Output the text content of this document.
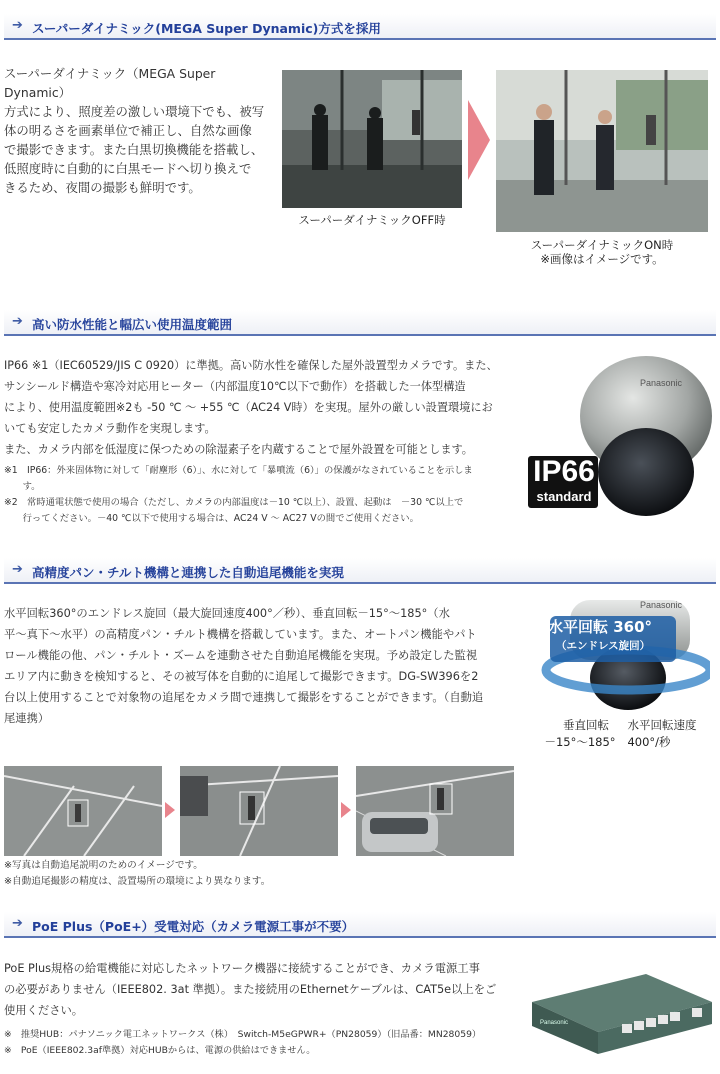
➔ スーパーダイナミック(MEGA Super Dynamic)方式を採用
スーパーダイナミック（MEGA Super Dynamic）
方式により、照度差の激しい環境下でも、被写
体の明るさを画素単位で補正し、自然な画像
で撮影できます。また白黒切換機能を搭載し、
低照度時に自動的に白黒モードへ切り換えで
きるため、夜間の撮影も鮮明です。
スーパーダイナミックOFF時
スーパーダイナミックON時
※画像はイメージです。
➔ 高い防水性能と幅広い使用温度範囲
IP66 ※1（IEC60529/JIS C 0920）に準拠。高い防水性を確保した屋外設置型カメラです。また、
サンシールド構造や寒冷対応用ヒーター（内部温度10℃以下で動作）を搭載した一体型構造
により、使用温度範囲※2も -50 ℃ ～ +55 ℃（AC24 V時）を実現。屋外の厳しい設置環境にお
いても安定したカメラ動作を実現します。
また、カメラ内部を低湿度に保つための除湿素子を内蔵することで屋外設置を可能とします。
※1　IP66：外来固体物に対して「耐塵形（6）」、水に対して「暴噴流（6）」の保護がなされていることを示しま
　　す。
※2　常時通電状態で使用の場合（ただし、カメラの内部温度は－10 ℃以上）、設置、起動は　－30 ℃以上で
　　行ってください。－40 ℃以下で使用する場合は、AC24 V ～ AC27 Vの間でご使用ください。
Panasonic
IP66
standard
➔ 高精度パン・チルト機構と連携した自動追尾機能を実現
水平回転360°のエンドレス旋回（最大旋回速度400°／秒）、垂直回転－15°～185°（水
平～真下～水平）の高精度パン・チルト機構を搭載しています。また、オートパン機能やパト
ロール機能の他、パン・チルト・ズームを連動させた自動追尾機能を実現。予め設定した監視
エリア内に動きを検知すると、その被写体を自動的に追尾して撮影できます。DG-SW396を2
台以上使用することで対象物の追尾をカメラ間で連携して撮影をすることができます。（自動追
尾連携）
水平回転 360°
（エンドレス旋回）
Panasonic
垂直回転
－15°～185°
水平回転速度
400°/秒
※写真は自動追尾説明のためのイメージです。
※自動追尾撮影の精度は、設置場所の環境により異なります。
➔ PoE Plus（PoE+）受電対応（カメラ電源工事が不要）
PoE Plus規格の給電機能に対応したネットワーク機器に接続することができ、カメラ電源工事
の必要がありません（IEEE802. 3at 準拠）。また接続用のEthernetケーブルは、CAT5e以上をご
使用ください。
※　推奨HUB：パナソニック電工ネットワークス（株）　Switch-M5eGPWR+（PN28059）（旧品番：MN28059）
※　PoE（IEEE802.3af準拠）対応HUBからは、電源の供給はできません。
Panasonic
